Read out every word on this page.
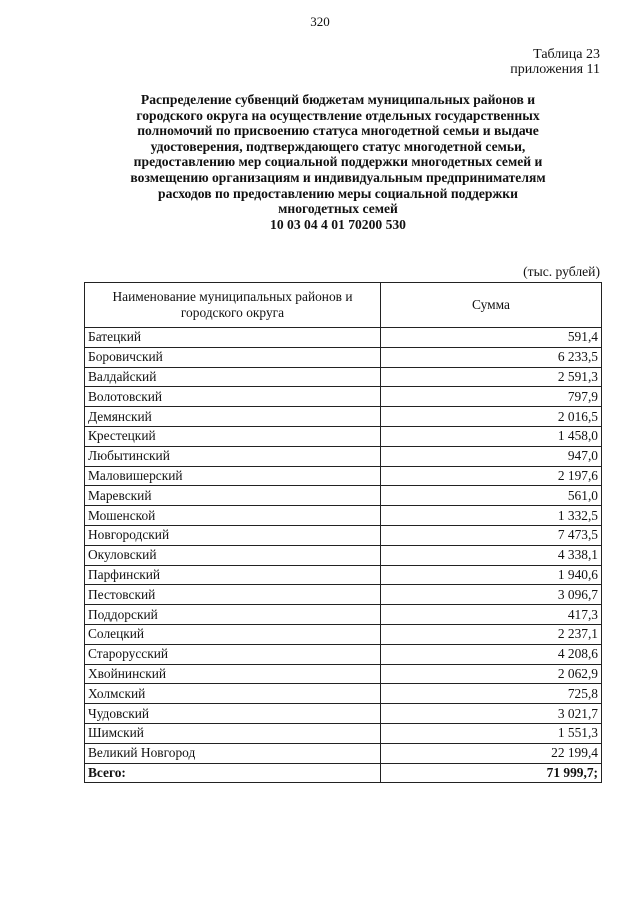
320
Таблица 23
приложения 11
Распределение субвенций бюджетам муниципальных районов и
городского округа на осуществление отдельных государственных
полномочий по присвоению статуса многодетной семьи и выдаче
удостоверения, подтверждающего статус многодетной семьи,
предоставлению мер социальной поддержки многодетных семей и
возмещению организациям и индивидуальным предпринимателям
расходов по предоставлению меры социальной поддержки
многодетных семей
10 03 04 4 01 70200 530
(тыс. рублей)
Наименование муниципальных районов и городского округа	Сумма
Батецкий	591,4
Боровичский	6 233,5
Валдайский	2 591,3
Волотовский	797,9
Демянский	2 016,5
Крестецкий	1 458,0
Любытинский	947,0
Маловишерский	2 197,6
Маревский	561,0
Мошенской	1 332,5
Новгородский	7 473,5
Окуловский	4 338,1
Парфинский	1 940,6
Пестовский	3 096,7
Поддорский	417,3
Солецкий	2 237,1
Старорусский	4 208,6
Хвойнинский	2 062,9
Холмский	725,8
Чудовский	3 021,7
Шимский	1 551,3
Великий Новгород	22 199,4
Всего:	71 999,7;
